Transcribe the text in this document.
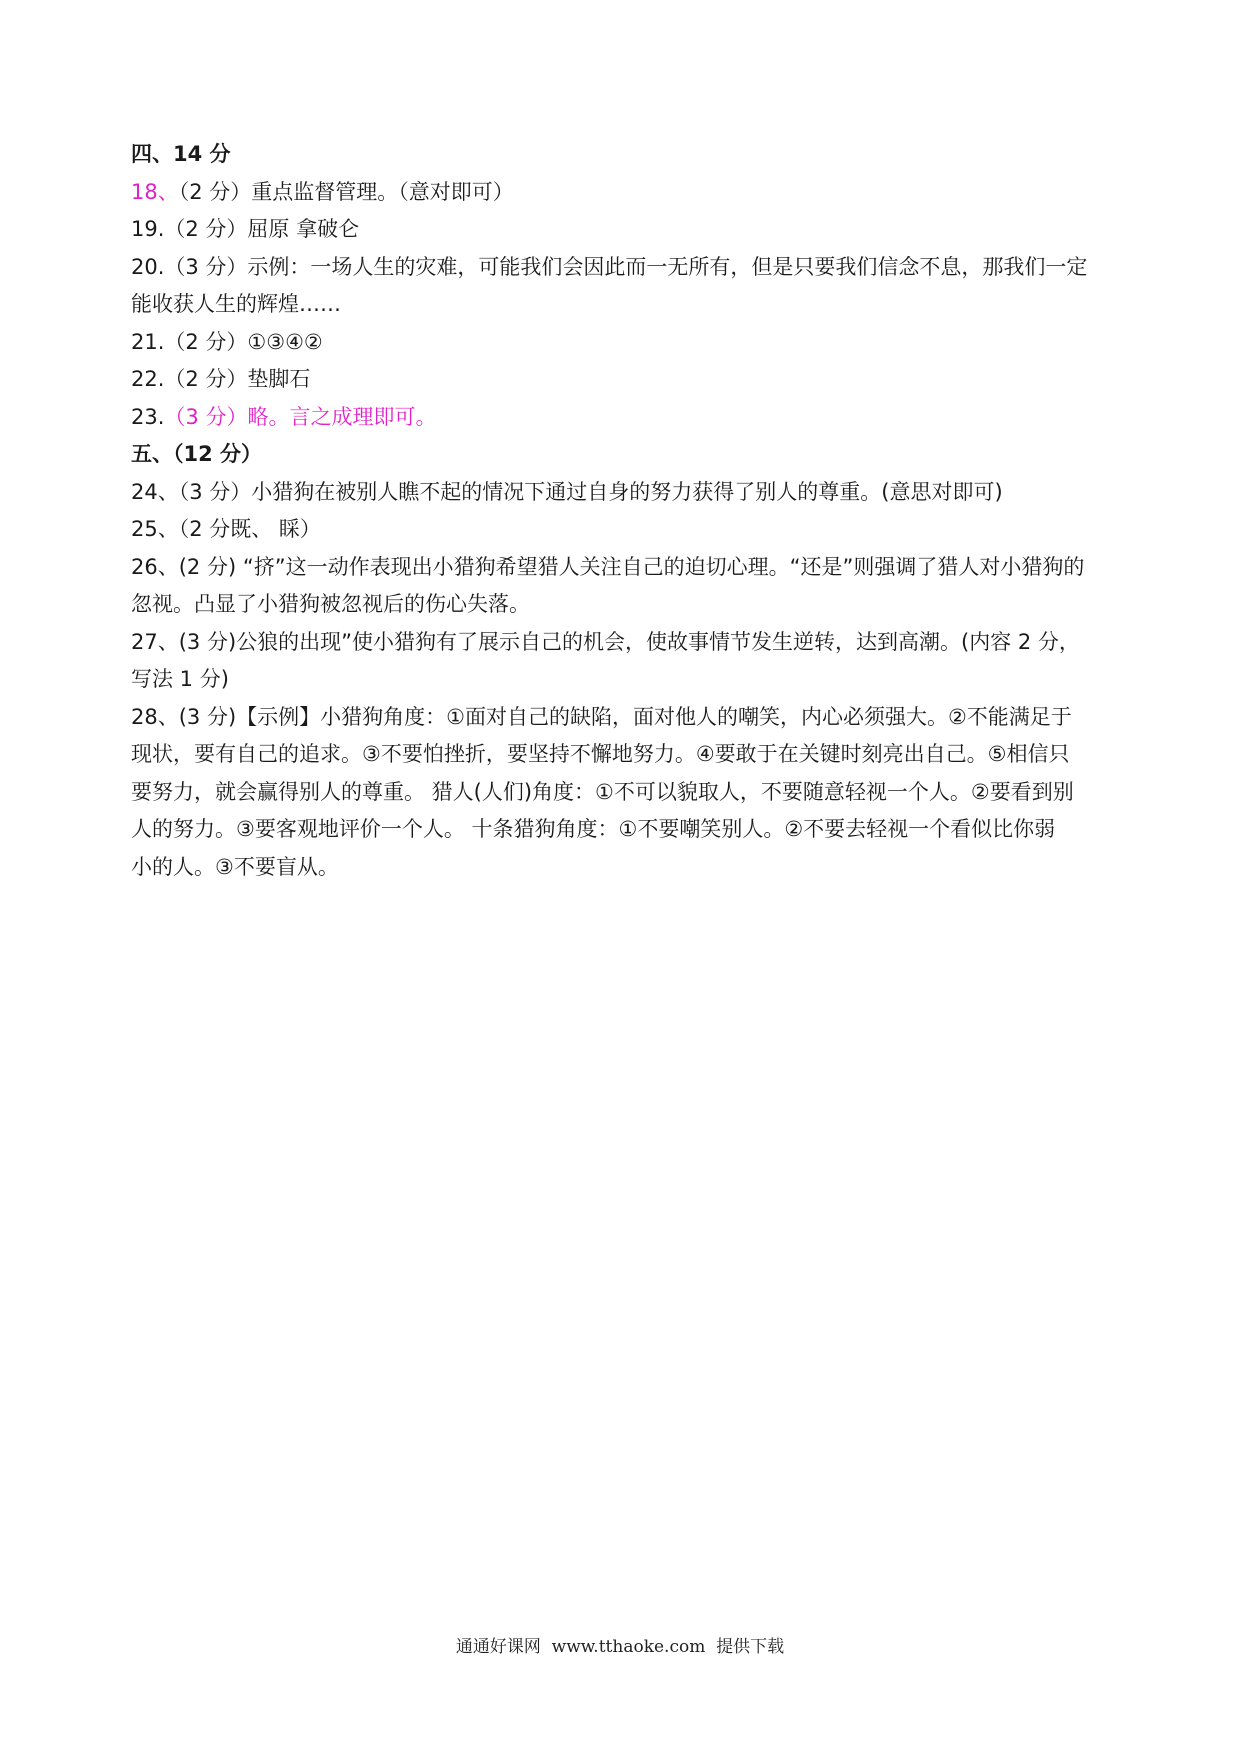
四、14 分
18、（2 分）重点监督管理。（意对即可）
19.（2 分）屈原 拿破仑
20.（3 分）示例：一场人生的灾难，可能我们会因此而一无所有，但是只要我们信念不息，那我们一定
能收获人生的辉煌……
21.（2 分）①③④②
22.（2 分）垫脚石
23.（3 分）略。言之成理即可。
五、（12 分）
24、（3 分）小猎狗在被别人瞧不起的情况下通过自身的努力获得了别人的尊重。(意思对即可)
25、（2 分既、 睬）
26、(2 分) “挤”这一动作表现出小猎狗希望猎人关注自己的迫切心理。“还是”则强调了猎人对小猎狗的
忽视。凸显了小猎狗被忽视后的伤心失落。
27、(3 分)公狼的出现”使小猎狗有了展示自己的机会，使故事情节发生逆转，达到高潮。(内容 2 分，
写法 1 分)
28、(3 分)【示例】小猎狗角度：①面对自己的缺陷，面对他人的嘲笑，内心必须强大。②不能满足于
现状，要有自己的追求。③不要怕挫折，要坚持不懈地努力。④要敢于在关键时刻亮出自己。⑤相信只
要努力，就会赢得别人的尊重。 猎人(人们)角度：①不可以貌取人，不要随意轻视一个人。②要看到别
人的努力。③要客观地评价一个人。 十条猎狗角度：①不要嘲笑别人。②不要去轻视一个看似比你弱
小的人。③不要盲从。
通通好课网  www.tthaoke.com  提供下载
